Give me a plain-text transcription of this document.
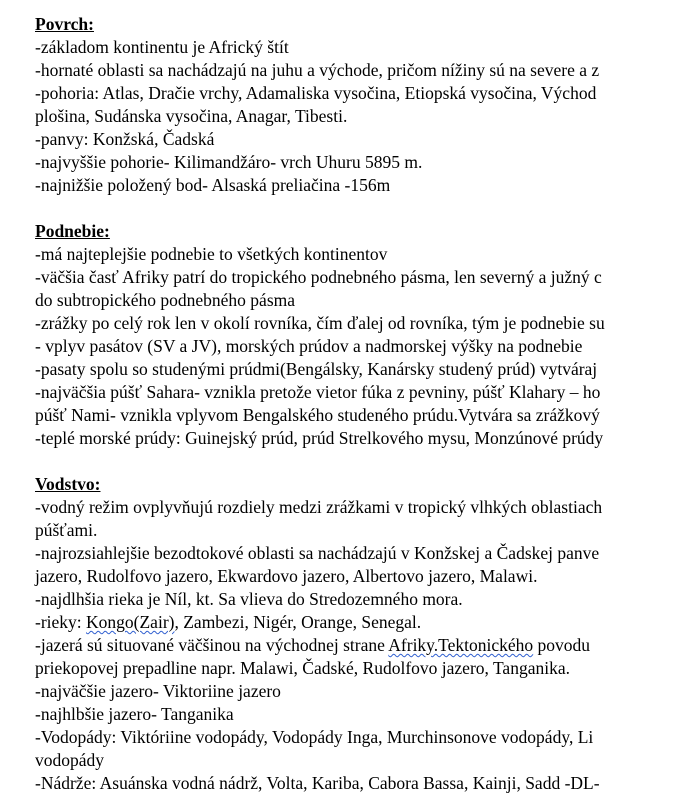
Povrch:
-základom kontinentu je Africký štít
-hornaté oblasti sa nachádzajú na juhu a východe, pričom nížiny sú na severe a z
-pohoria: Atlas, Dračie vrchy, Adamaliska vysočina, Etiopská vysočina, Východ
plošina, Sudánska vysočina, Anagar, Tibesti.
-panvy: Konžská, Čadská
-najvyššie pohorie- Kilimandžáro- vrch Uhuru 5895 m.
-najnižšie položený bod- Alsaská preliačina -156m
Podnebie:
-má najteplejšie podnebie to všetkých kontinentov
-väčšia časť Afriky patrí do tropického podnebného pásma, len severný a južný c
do subtropického podnebného pásma
-zrážky po celý rok len v okolí rovníka, čím ďalej od rovníka, tým je podnebie su
- vplyv pasátov (SV a JV), morských prúdov a nadmorskej výšky na podnebie
-pasaty spolu so studenými prúdmi(Bengálsky, Kanársky studený prúd) vytváraj
-najväčšia púšť Sahara- vznikla pretože vietor fúka z pevniny, púšť Klahary – ho
púšť Nami- vznikla vplyvom Bengalského studeného prúdu.Vytvára sa zrážkový
-teplé morské prúdy: Guinejský prúd, prúd Strelkového mysu, Monzúnové prúdy
Vodstvo:
-vodný režim ovplyvňujú rozdiely medzi zrážkami v tropický vlhkých oblastiach
púšťami.
-najrozsiahlejšie bezodtokové oblasti sa nachádzajú v Konžskej a Čadskej panve
jazero, Rudolfovo jazero, Ekwardovo jazero, Albertovo jazero, Malawi.
-najdlhšia rieka je Níl, kt. Sa vlieva do Stredozemného mora.
-rieky: Kongo(Zair), Zambezi, Nigér, Orange, Senegal.
-jazerá sú situované väčšinou na východnej strane Afriky.Tektonického povodu
priekopovej prepadline napr. Malawi, Čadské, Rudolfovo jazero, Tanganika.
-najväčšie jazero- Viktoriine jazero
-najhlbšie jazero- Tanganika
-Vodopády: Viktóriine vodopády, Vodopády Inga, Murchinsonove vodopády, Li
vodopády
-Nádrže: Asuánska vodná nádrž, Volta, Kariba, Cabora Bassa, Kainji, Sadd -DL-
